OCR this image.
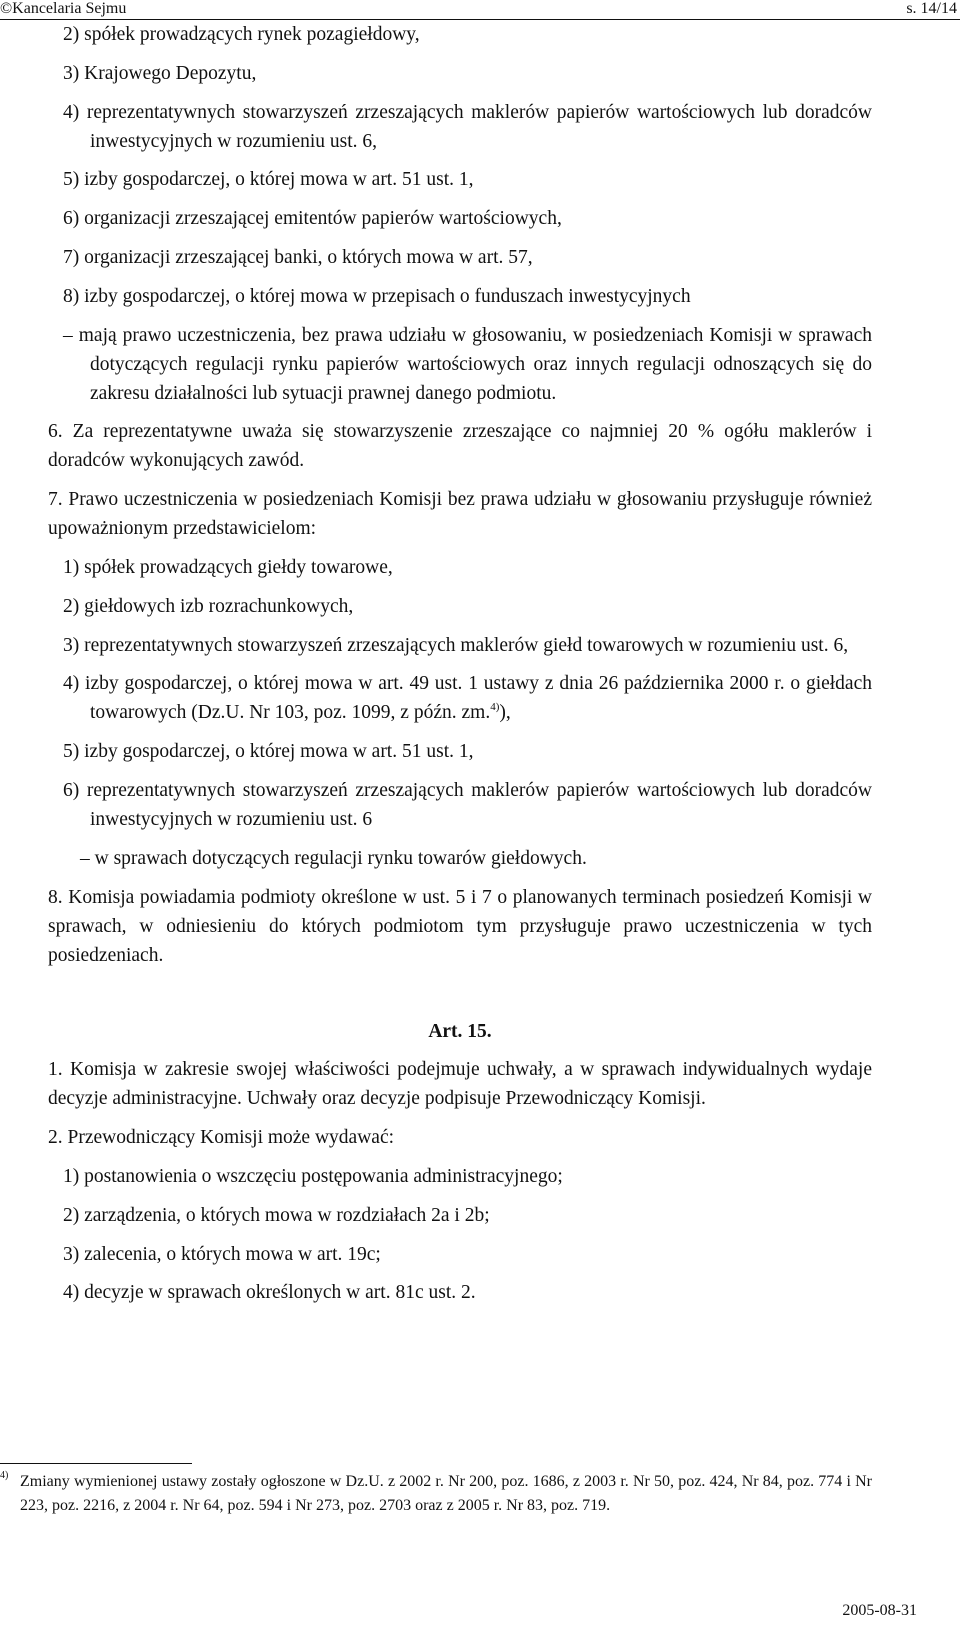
©Kancelaria Sejmu	s. 14/14

2) spółek prowadzących rynek pozagiełdowy,

3) Krajowego Depozytu,

4) reprezentatywnych stowarzyszeń zrzeszających maklerów papierów wartościowych lub doradców inwestycyjnych w rozumieniu ust. 6,

5) izby gospodarczej, o której mowa w art. 51 ust. 1,

6) organizacji zrzeszającej emitentów papierów wartościowych,

7) organizacji zrzeszającej banki, o których mowa w art. 57,

8) izby gospodarczej, o której mowa w przepisach o funduszach inwestycyjnych

– mają prawo uczestniczenia, bez prawa udziału w głosowaniu, w posiedzeniach Komisji w sprawach dotyczących regulacji rynku papierów wartościowych oraz innych regulacji odnoszących się do zakresu działalności lub sytuacji prawnej danego podmiotu.

6. Za reprezentatywne uważa się stowarzyszenie zrzeszające co najmniej 20 % ogółu maklerów i doradców wykonujących zawód.

7. Prawo uczestniczenia w posiedzeniach Komisji bez prawa udziału w głosowaniu przysługuje również upoważnionym przedstawicielom:

1) spółek prowadzących giełdy towarowe,

2) giełdowych izb rozrachunkowych,

3) reprezentatywnych stowarzyszeń zrzeszających maklerów giełd towarowych w rozumieniu ust. 6,

4) izby gospodarczej, o której mowa w art. 49 ust. 1 ustawy z dnia 26 października 2000 r. o giełdach towarowych (Dz.U. Nr 103, poz. 1099, z późn. zm.$^{4)}$),

5) izby gospodarczej, o której mowa w art. 51 ust. 1,

6) reprezentatywnych stowarzyszeń zrzeszających maklerów papierów wartościowych lub doradców inwestycyjnych w rozumieniu ust. 6

– w sprawach dotyczących regulacji rynku towarów giełdowych.

8. Komisja powiadamia podmioty określone w ust. 5 i 7 o planowanych terminach posiedzeń Komisji w sprawach, w odniesieniu do których podmiotom tym przysługuje prawo uczestniczenia w tych posiedzeniach.

Art. 15.

1. Komisja w zakresie swojej właściwości podejmuje uchwały, a w sprawach indywidualnych wydaje decyzje administracyjne. Uchwały oraz decyzje podpisuje Przewodniczący Komisji.

2. Przewodniczący Komisji może wydawać:

1) postanowienia o wszczęciu postępowania administracyjnego;

2) zarządzenia, o których mowa w rozdziałach 2a i 2b;

3) zalecenia, o których mowa w art. 19c;

4) decyzje w sprawach określonych w art. 81c ust. 2.

4) Zmiany wymienionej ustawy zostały ogłoszone w Dz.U. z 2002 r. Nr 200, poz. 1686, z 2003 r. Nr 50, poz. 424, Nr 84, poz. 774 i Nr 223, poz. 2216, z 2004 r. Nr 64, poz. 594 i Nr 273, poz. 2703 oraz z 2005 r. Nr 83, poz. 719.
2005-08-31
